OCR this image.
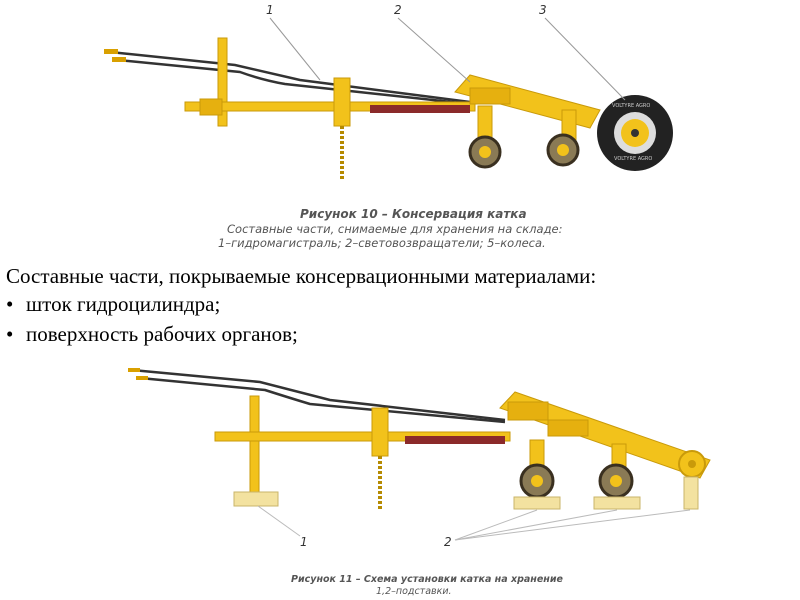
VOLTYRE AGRO
VOLTYRE AGRO
1	2	3
Рисунок 10 – Консервация катка
Составные части, снимаемые для хранения на складе:
1–гидромагистраль; 2–световозвращатели; 5–колеса.
Составные части, покрываемые консервационными материалами:
• шток гидроцилиндра;
• поверхность рабочих органов;
1	2
Рисунок 11 – Схема установки катка на хранение
1,2–подставки.
